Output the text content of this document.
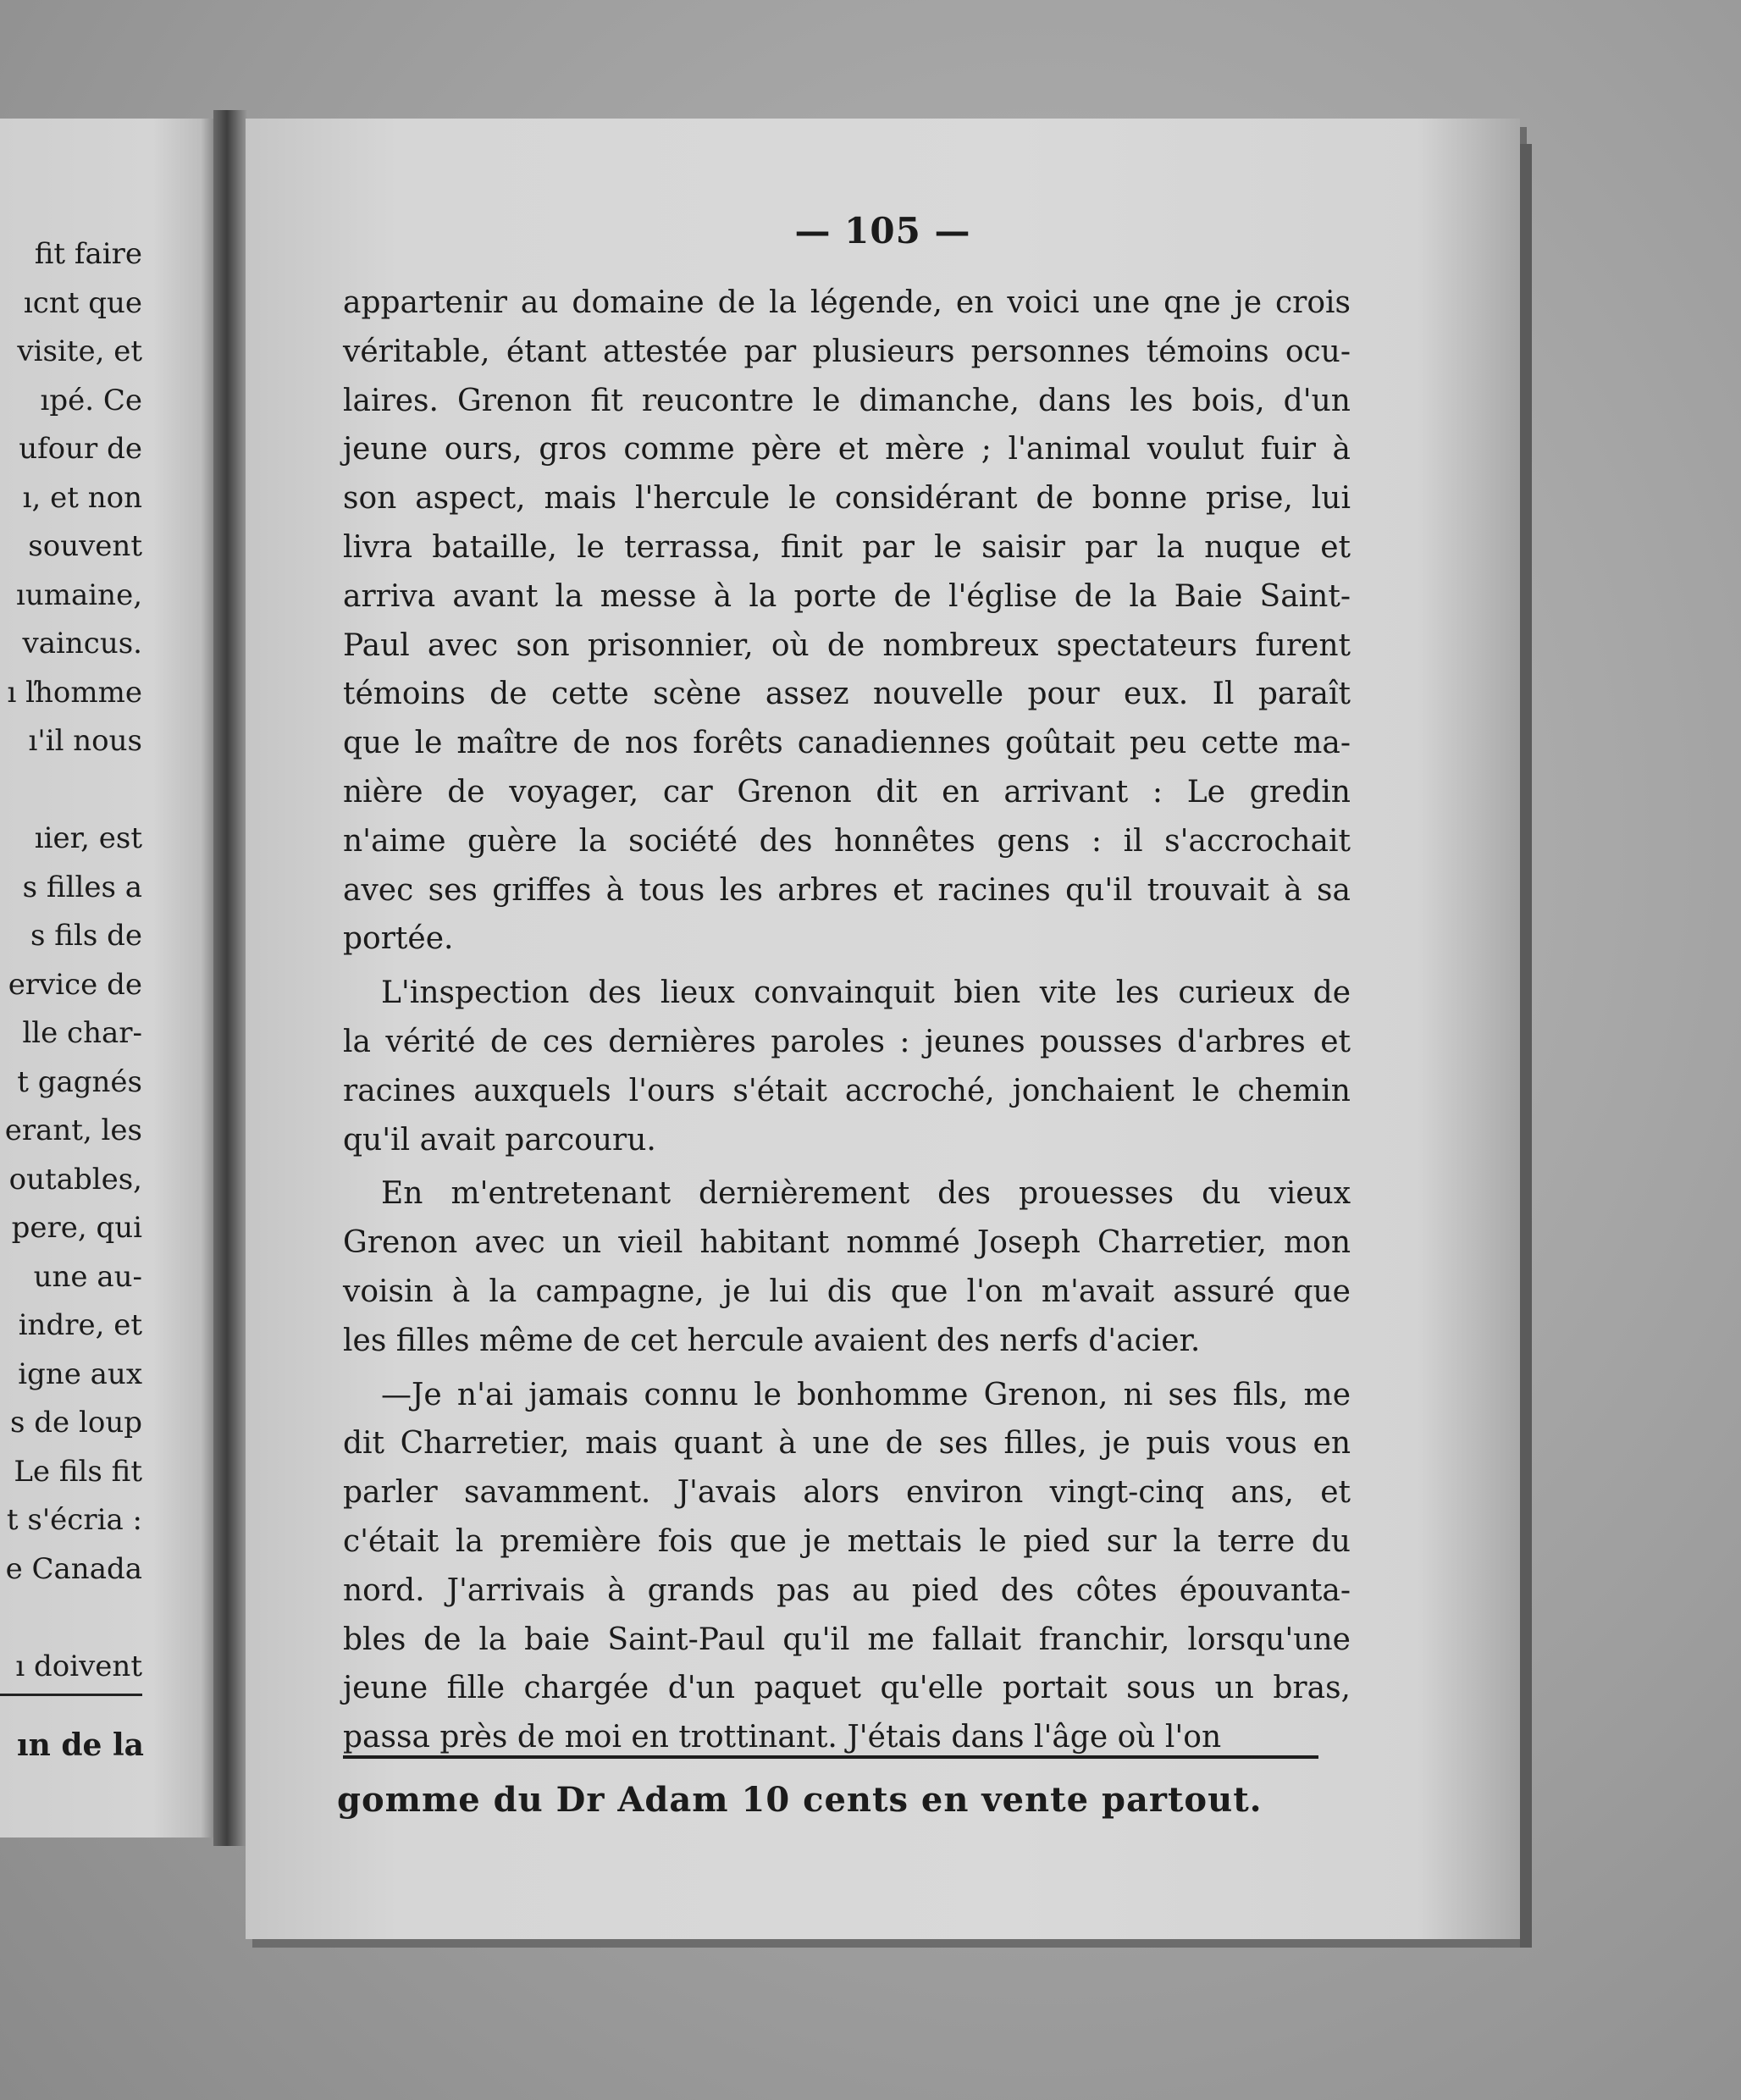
ın de la
fit faire
ıcnt que
visite, et
ıpé. Ce
ufour de
ı, et non
souvent
ıumaine,
vaincus.
ı ľhomme
ı'il nous
ıier, est
s filles a
s fils de
ervice de
lle char-
t gagnés
erant, les
outables,
pere, qui
une au-
indre, et
igne aux
s de loup
Le fils fit
t s'écria :
e Canada
ı doivent
— 105 —
gomme du Dr Adam 10 cents en vente partout.
appartenir au domaine de la légende, en voici une qne je crois
véritable, étant attestée par plusieurs personnes témoins ocu-
laires. Grenon fit reucontre le dimanche, dans les bois, d'un
jeune ours, gros comme père et mère ; l'animal voulut fuir à
son aspect, mais l'hercule le considérant de bonne prise, lui
livra bataille, le terrassa, finit par le saisir par la nuque et
arriva avant la messe à la porte de l'église de la Baie Saint-
Paul avec son prisonnier, où de nombreux spectateurs furent
témoins de cette scène assez nouvelle pour eux. Il paraît
que le maître de nos forêts canadiennes goûtait peu cette ma-
nière de voyager, car Grenon dit en arrivant : Le gredin
n'aime guère la société des honnêtes gens : il s'accrochait
avec ses griffes à tous les arbres et racines qu'il trouvait à sa
portée.
L'inspection des lieux convainquit bien vite les curieux de
la vérité de ces dernières paroles : jeunes pousses d'arbres et
racines auxquels l'ours s'était accroché, jonchaient le chemin
qu'il avait parcouru.
En m'entretenant dernièrement des prouesses du vieux
Grenon avec un vieil habitant nommé Joseph Charretier, mon
voisin à la campagne, je lui dis que l'on m'avait assuré que
les filles même de cet hercule avaient des nerfs d'acier.
—Je n'ai jamais connu le bonhomme Grenon, ni ses fils, me
dit Charretier, mais quant à une de ses filles, je puis vous en
parler savamment. J'avais alors environ vingt-cinq ans, et
c'était la première fois que je mettais le pied sur la terre du
nord. J'arrivais à grands pas au pied des côtes épouvanta-
bles de la baie Saint-Paul qu'il me fallait franchir, lorsqu'une
jeune fille chargée d'un paquet qu'elle portait sous un bras,
passa près de moi en trottinant. J'étais dans l'âge où l'on
